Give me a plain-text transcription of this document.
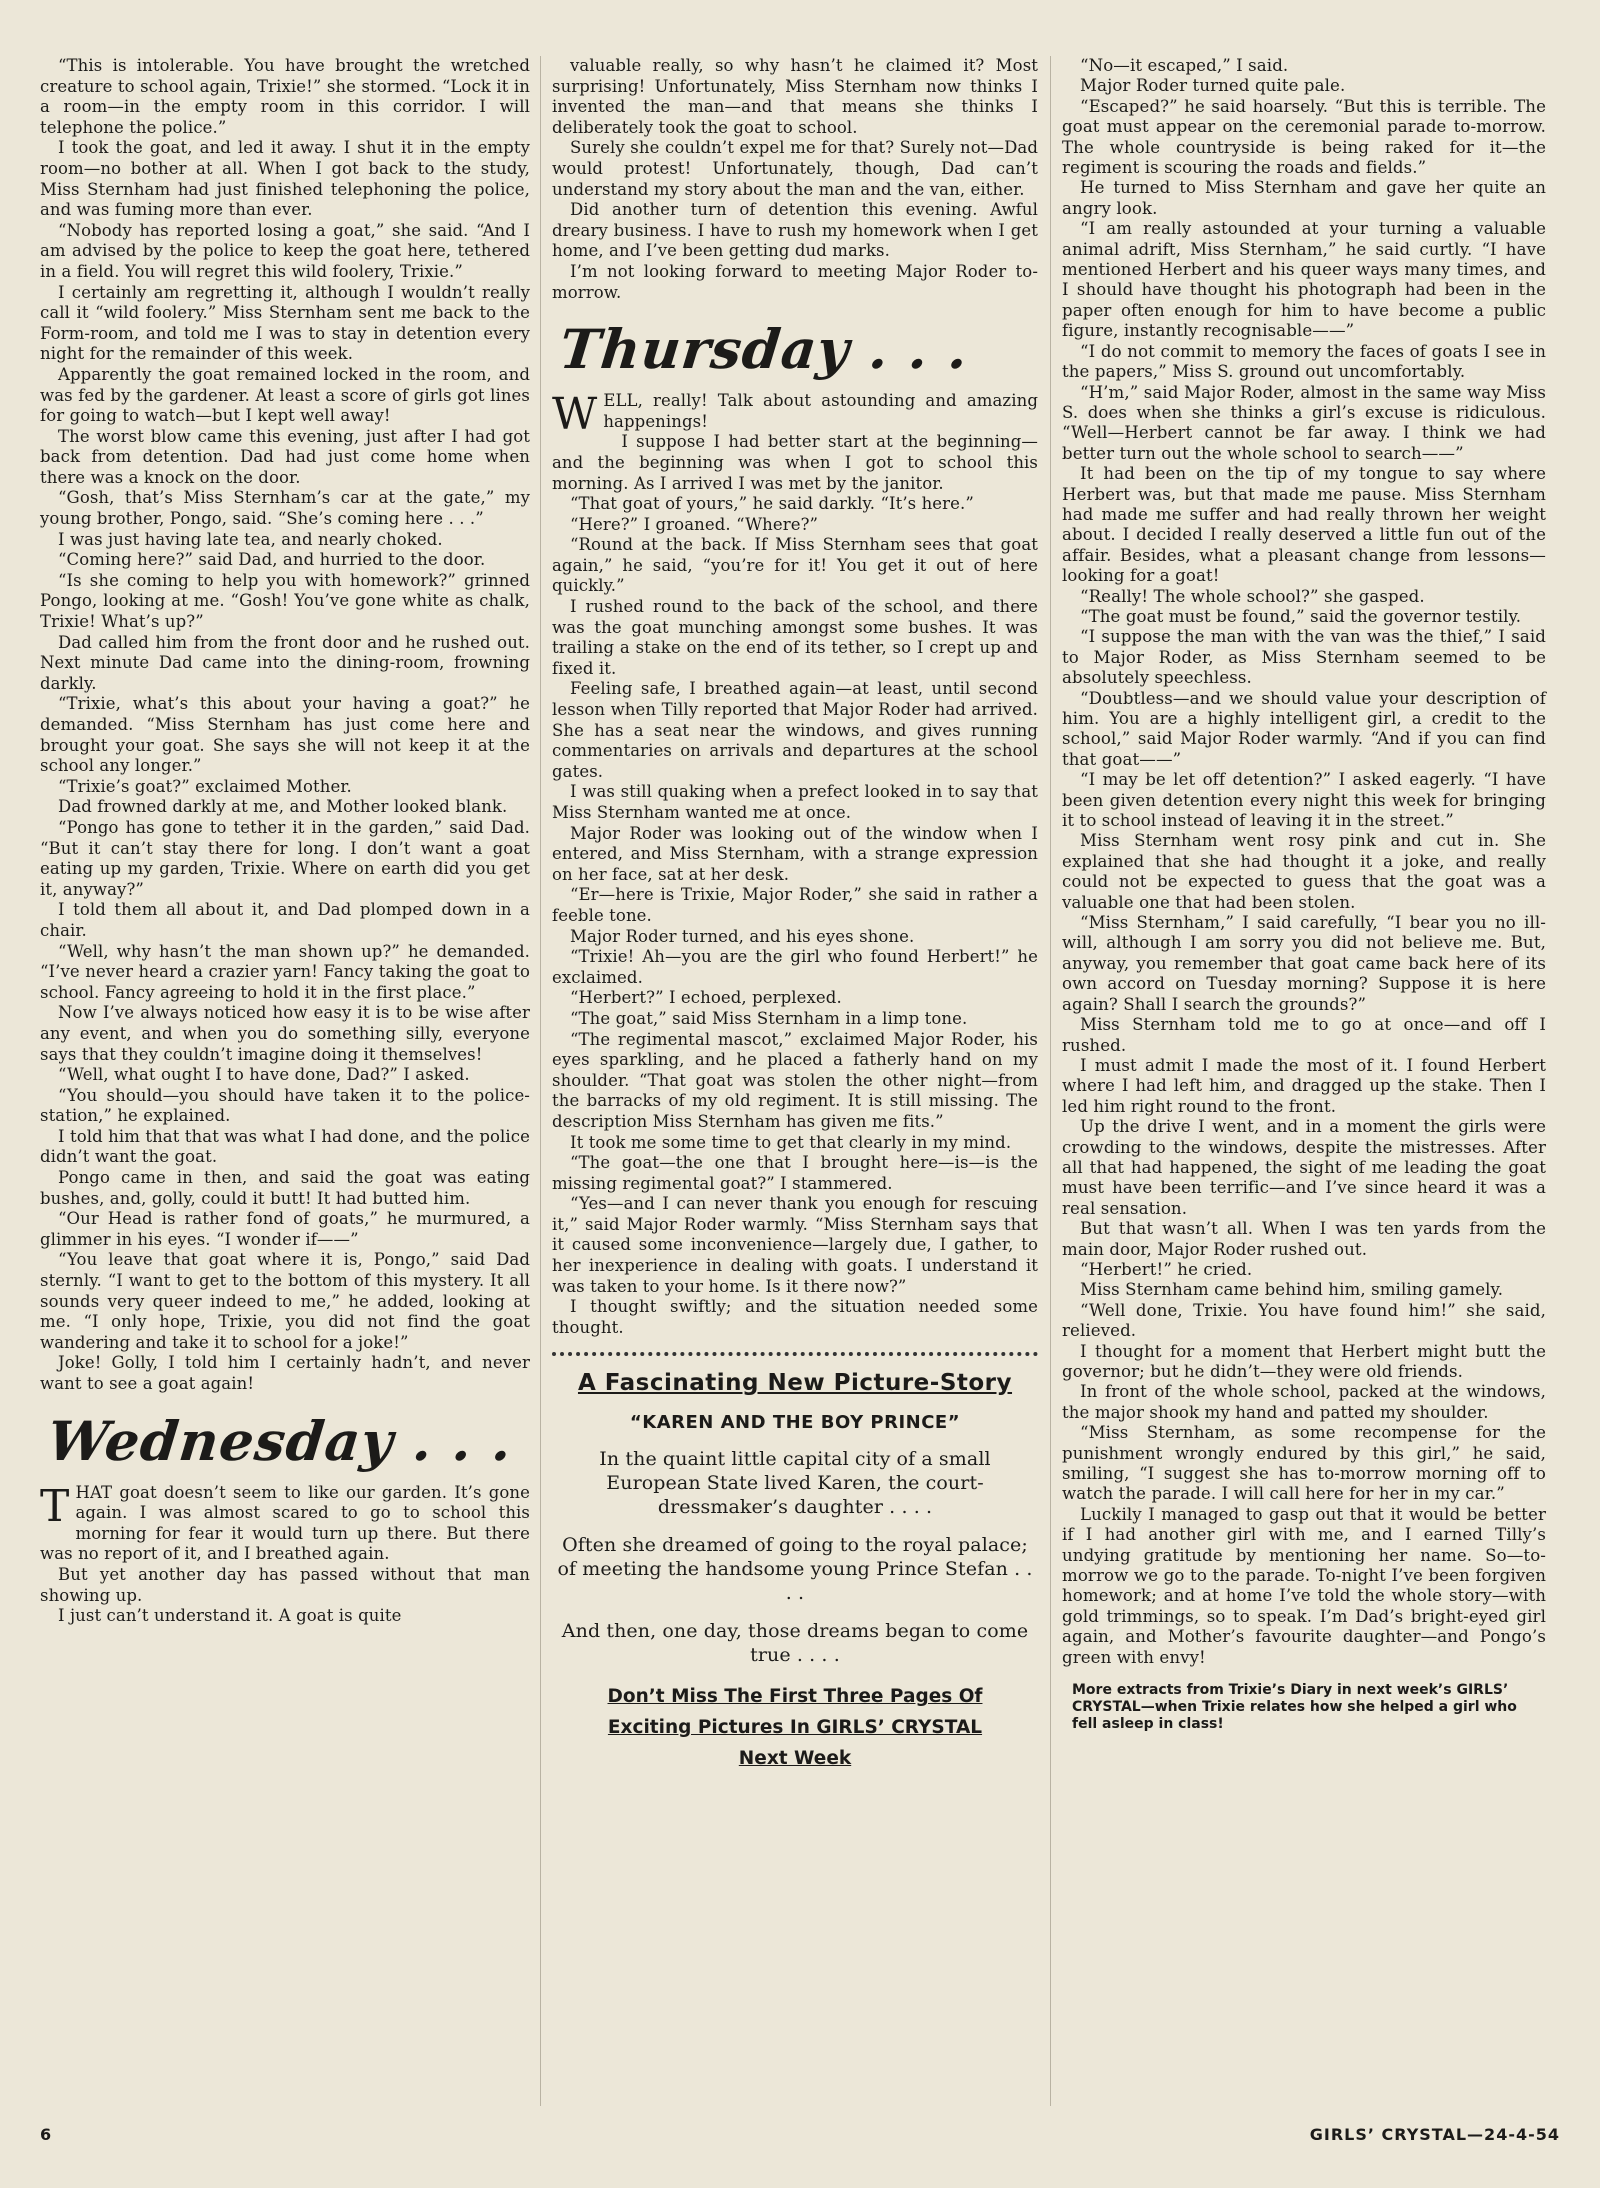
“This is intolerable. You have brought the wretched creature to school again, Trixie!” she stormed. “Lock it in a room—in the empty room in this corridor. I will telephone the police.”

I took the goat, and led it away. I shut it in the empty room—no bother at all. When I got back to the study, Miss Sternham had just finished telephoning the police, and was fuming more than ever.

“Nobody has reported losing a goat,” she said. “And I am advised by the police to keep the goat here, tethered in a field. You will regret this wild foolery, Trixie.”

I certainly am regretting it, although I wouldn’t really call it “wild foolery.” Miss Sternham sent me back to the Form-room, and told me I was to stay in detention every night for the remainder of this week.

Apparently the goat remained locked in the room, and was fed by the gardener. At least a score of girls got lines for going to watch—but I kept well away!

The worst blow came this evening, just after I had got back from detention. Dad had just come home when there was a knock on the door.

“Gosh, that’s Miss Sternham’s car at the gate,” my young brother, Pongo, said. “She’s coming here . . .”

I was just having late tea, and nearly choked.

“Coming here?” said Dad, and hurried to the door.

“Is she coming to help you with homework?” grinned Pongo, looking at me. “Gosh! You’ve gone white as chalk, Trixie! What’s up?”

Dad called him from the front door and he rushed out. Next minute Dad came into the dining-room, frowning darkly.

“Trixie, what’s this about your having a goat?” he demanded. “Miss Sternham has just come here and brought your goat. She says she will not keep it at the school any longer.”

“Trixie’s goat?” exclaimed Mother.

Dad frowned darkly at me, and Mother looked blank.

“Pongo has gone to tether it in the garden,” said Dad. “But it can’t stay there for long. I don’t want a goat eating up my garden, Trixie. Where on earth did you get it, anyway?”

I told them all about it, and Dad plomped down in a chair.

“Well, why hasn’t the man shown up?” he demanded. “I’ve never heard a crazier yarn! Fancy taking the goat to school. Fancy agreeing to hold it in the first place.”

Now I’ve always noticed how easy it is to be wise after any event, and when you do something silly, everyone says that they couldn’t imagine doing it themselves!

“Well, what ought I to have done, Dad?” I asked.

“You should—you should have taken it to the police-station,” he explained.

I told him that that was what I had done, and the police didn’t want the goat.

Pongo came in then, and said the goat was eating bushes, and, golly, could it butt! It had butted him.

“Our Head is rather fond of goats,” he murmured, a glimmer in his eyes. “I wonder if——”

“You leave that goat where it is, Pongo,” said Dad sternly. “I want to get to the bottom of this mystery. It all sounds very queer indeed to me,” he added, looking at me. “I only hope, Trixie, you did not find the goat wandering and take it to school for a joke!”

Joke! Golly, I told him I certainly hadn’t, and never want to see a goat again!

Wednesday . . .

THAT goat doesn’t seem to like our garden. It’s gone again. I was almost scared to go to school this morning for fear it would turn up there. But there was no report of it, and I breathed again.

But yet another day has passed without that man showing up.

I just can’t understand it. A goat is quite

valuable really, so why hasn’t he claimed it? Most surprising! Unfortunately, Miss Sternham now thinks I invented the man—and that means she thinks I deliberately took the goat to school.

Surely she couldn’t expel me for that? Surely not—Dad would protest! Unfortunately, though, Dad can’t understand my story about the man and the van, either.

Did another turn of detention this evening. Awful dreary business. I have to rush my homework when I get home, and I’ve been getting dud marks.

I’m not looking forward to meeting Major Roder to-morrow.

Thursday . . .

WELL, really! Talk about astounding and amazing happenings!

I suppose I had better start at the beginning—and the beginning was when I got to school this morning. As I arrived I was met by the janitor.

“That goat of yours,” he said darkly. “It’s here.”

“Here?” I groaned. “Where?”

“Round at the back. If Miss Sternham sees that goat again,” he said, “you’re for it! You get it out of here quickly.”

I rushed round to the back of the school, and there was the goat munching amongst some bushes. It was trailing a stake on the end of its tether, so I crept up and fixed it.

Feeling safe, I breathed again—at least, until second lesson when Tilly reported that Major Roder had arrived. She has a seat near the windows, and gives running commentaries on arrivals and departures at the school gates.

I was still quaking when a prefect looked in to say that Miss Sternham wanted me at once.

Major Roder was looking out of the window when I entered, and Miss Sternham, with a strange expression on her face, sat at her desk.

“Er—here is Trixie, Major Roder,” she said in rather a feeble tone.

Major Roder turned, and his eyes shone.

“Trixie! Ah—you are the girl who found Herbert!” he exclaimed.

“Herbert?” I echoed, perplexed.

“The goat,” said Miss Sternham in a limp tone.

“The regimental mascot,” exclaimed Major Roder, his eyes sparkling, and he placed a fatherly hand on my shoulder. “That goat was stolen the other night—from the barracks of my old regiment. It is still missing. The description Miss Sternham has given me fits.”

It took me some time to get that clearly in my mind.

“The goat—the one that I brought here—is—is the missing regimental goat?” I stammered.

“Yes—and I can never thank you enough for rescuing it,” said Major Roder warmly. “Miss Sternham says that it caused some inconvenience—largely due, I gather, to her inexperience in dealing with goats. I understand it was taken to your home. Is it there now?”

I thought swiftly; and the situation needed some thought.

A Fascinating New Picture-Story
“KAREN AND THE BOY PRINCE”

In the quaint little capital city of a small European State lived Karen, the court-dressmaker’s daughter . . . .

Often she dreamed of going to the royal palace; of meeting the handsome young Prince Stefan . . . .

And then, one day, those dreams began to come true . . . .

Don’t Miss The First Three Pages Of
Exciting Pictures In GIRLS’ CRYSTAL
Next Week

“No—it escaped,” I said.

Major Roder turned quite pale.

“Escaped?” he said hoarsely. “But this is terrible. The goat must appear on the ceremonial parade to-morrow. The whole countryside is being raked for it—the regiment is scouring the roads and fields.”

He turned to Miss Sternham and gave her quite an angry look.

“I am really astounded at your turning a valuable animal adrift, Miss Sternham,” he said curtly. “I have mentioned Herbert and his queer ways many times, and I should have thought his photograph had been in the paper often enough for him to have become a public figure, instantly recognisable——”

“I do not commit to memory the faces of goats I see in the papers,” Miss S. ground out uncomfortably.

“H’m,” said Major Roder, almost in the same way Miss S. does when she thinks a girl’s excuse is ridiculous. “Well—Herbert cannot be far away. I think we had better turn out the whole school to search——”

It had been on the tip of my tongue to say where Herbert was, but that made me pause. Miss Sternham had made me suffer and had really thrown her weight about. I decided I really deserved a little fun out of the affair. Besides, what a pleasant change from lessons—looking for a goat!

“Really! The whole school?” she gasped.

“The goat must be found,” said the governor testily.

“I suppose the man with the van was the thief,” I said to Major Roder, as Miss Sternham seemed to be absolutely speechless.

“Doubtless—and we should value your description of him. You are a highly intelligent girl, a credit to the school,” said Major Roder warmly. “And if you can find that goat——”

“I may be let off detention?” I asked eagerly. “I have been given detention every night this week for bringing it to school instead of leaving it in the street.”

Miss Sternham went rosy pink and cut in. She explained that she had thought it a joke, and really could not be expected to guess that the goat was a valuable one that had been stolen.

“Miss Sternham,” I said carefully, “I bear you no ill-will, although I am sorry you did not believe me. But, anyway, you remember that goat came back here of its own accord on Tuesday morning? Suppose it is here again? Shall I search the grounds?”

Miss Sternham told me to go at once—and off I rushed.

I must admit I made the most of it. I found Herbert where I had left him, and dragged up the stake. Then I led him right round to the front.

Up the drive I went, and in a moment the girls were crowding to the windows, despite the mistresses. After all that had happened, the sight of me leading the goat must have been terrific—and I’ve since heard it was a real sensation.

But that wasn’t all. When I was ten yards from the main door, Major Roder rushed out.

“Herbert!” he cried.

Miss Sternham came behind him, smiling gamely.

“Well done, Trixie. You have found him!” she said, relieved.

I thought for a moment that Herbert might butt the governor; but he didn’t—they were old friends.

In front of the whole school, packed at the windows, the major shook my hand and patted my shoulder.

“Miss Sternham, as some recompense for the punishment wrongly endured by this girl,” he said, smiling, “I suggest she has to-morrow morning off to watch the parade. I will call here for her in my car.”

Luckily I managed to gasp out that it would be better if I had another girl with me, and I earned Tilly’s undying gratitude by mentioning her name. So—to-morrow we go to the parade. To-night I’ve been forgiven homework; and at home I’ve told the whole story—with gold trimmings, so to speak. I’m Dad’s bright-eyed girl again, and Mother’s favourite daughter—and Pongo’s green with envy!

More extracts from Trixie’s Diary in next week’s GIRLS’ CRYSTAL—when Trixie relates how she helped a girl who fell asleep in class!
6	GIRLS’ CRYSTAL—24-4-54
